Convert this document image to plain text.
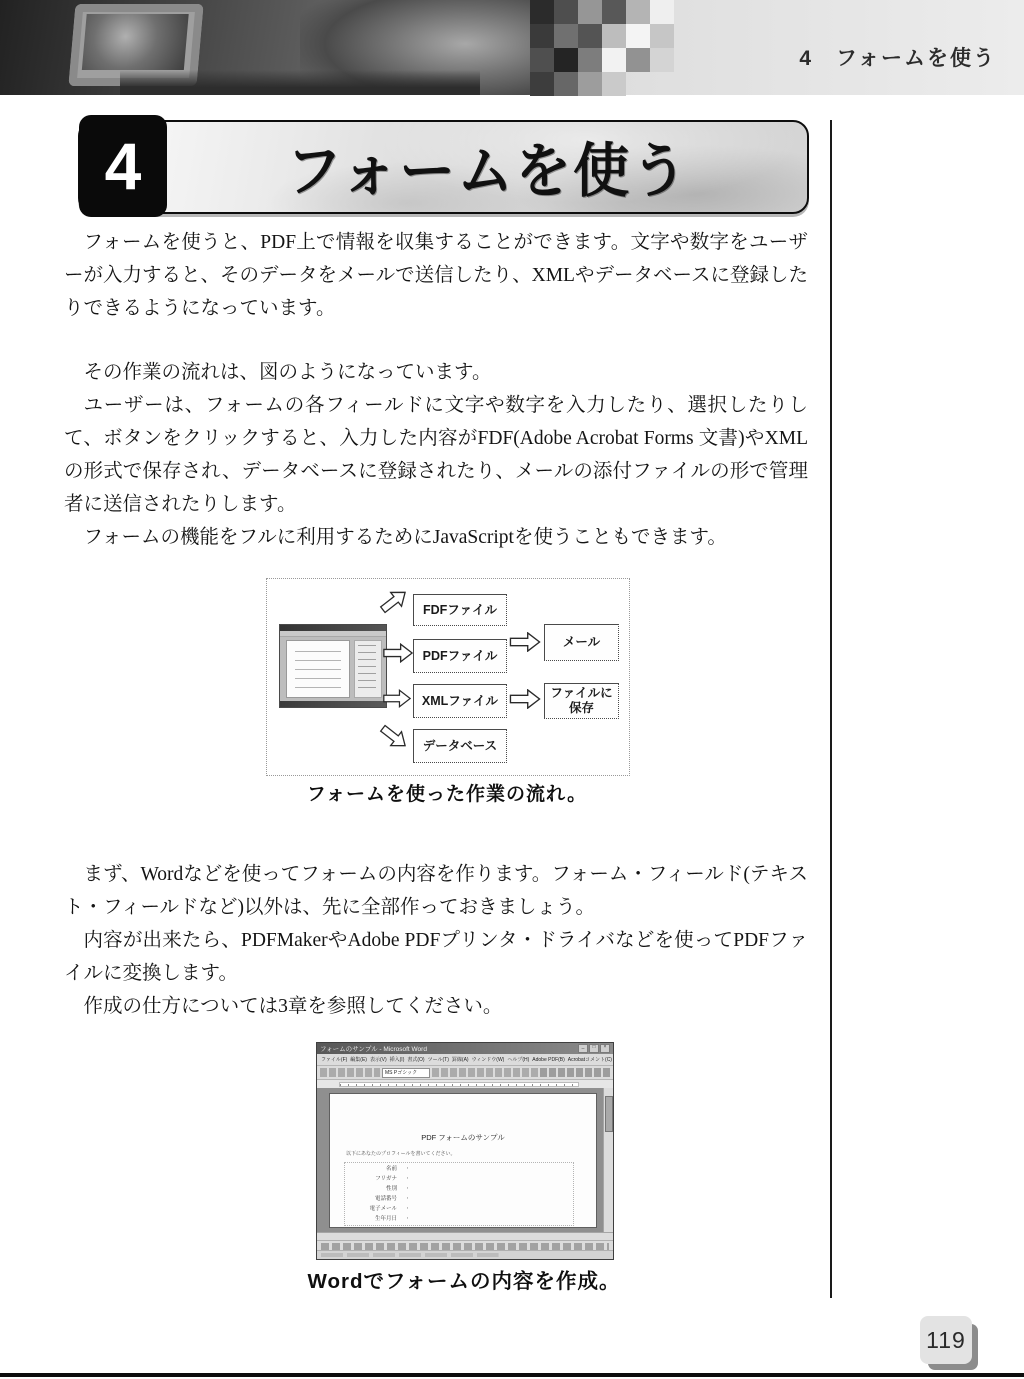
4　フォームを使う
4	フォームを使う

フォームを使うと、PDF上で情報を収集することができます。文字や数字をユーザーが入力すると、そのデータをメールで送信したり、XMLやデータベースに登録したりできるようになっています。

その作業の流れは、図のようになっています。

ユーザーは、フォームの各フィールドに文字や数字を入力したり、選択したりして、ボタンをクリックすると、入力した内容がFDF(Adobe Acrobat Forms 文書)やXMLの形式で保存され、データベースに登録されたり、メールの添付ファイルの形で管理者に送信されたりします。

フォームの機能をフルに利用するためにJavaScriptを使うこともできます。

FDFファイル
PDFファイル
XMLファイル
データベース
メール
ファイルに
保存
フォームを使った作業の流れ。

まず、Wordなどを使ってフォームの内容を作ります。フォーム・フィールド(テキスト・フィールドなど)以外は、先に全部作っておきましょう。

内容が出来たら、PDFMakerやAdobe PDFプリンタ・ドライバなどを使ってPDFファイルに変換します。

作成の仕方については3章を参照してください。

フォームのサンプル - Microsoft Word	_	□	×
ファイル(F) 編集(E) 表示(V) 挿入(I) 書式(O) ツール(T) 罫線(A) ウィンドウ(W) ヘルプ(H) Adobe PDF(B) Acrobatコメント(C)
MS Pゴシック
PDF フォームのサンプル
以下にあなたのプロフィールを書いてください。
名前 ・
フリガナ ・
性別 ・
電話番号 ・
電子メール ・
生年月日 ・
Wordでフォームの内容を作成。
119
